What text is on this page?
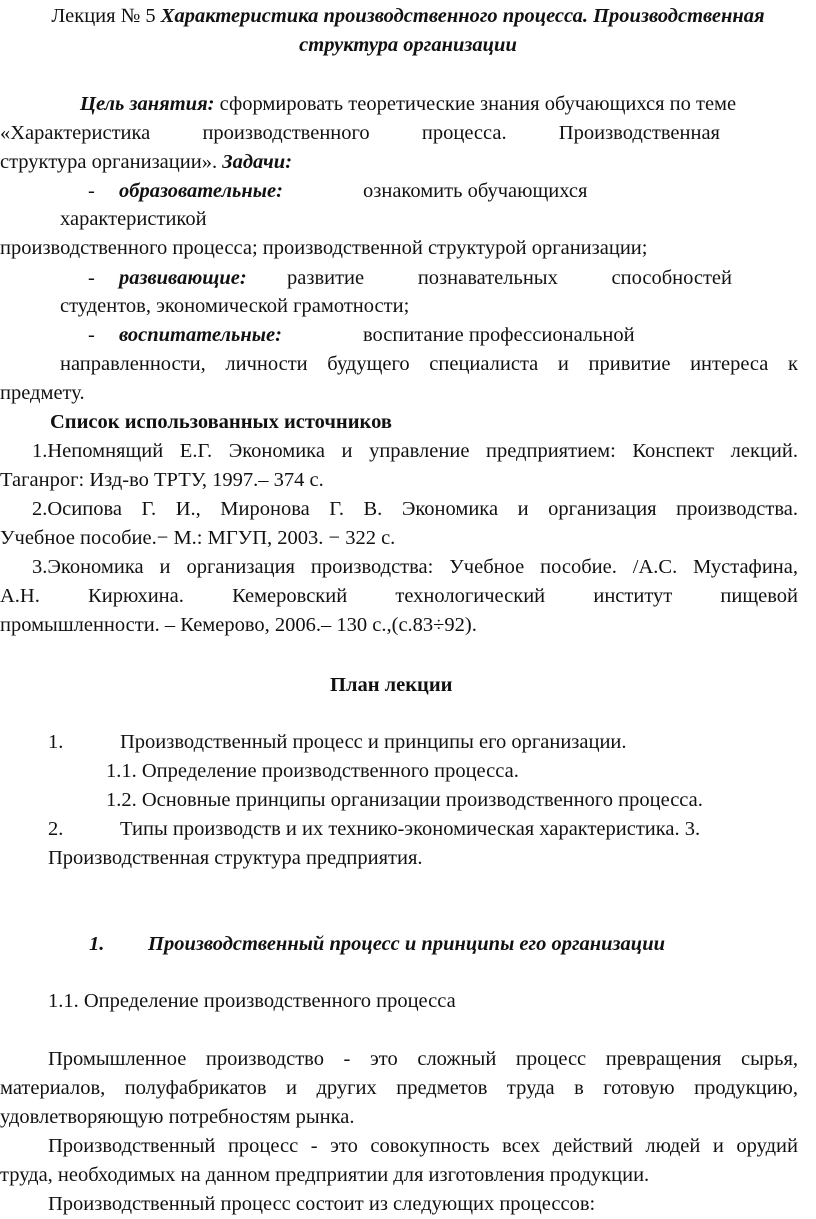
Лекция № 5 Характеристика производственного процесса. Производственная
структура организации
Цель занятия: сформировать теоретические знания обучающихся по теме
«Характеристика производственного процесса. Производственная
структура организации». Задачи:
- образовательные:	ознакомить обучающихся
характеристикой
производственного процесса; производственной структурой организации;
- развивающие: развитие познавательных способностей
студентов, экономической грамотности;
- воспитательные:	воспитание профессиональной
направленности, личности будущего специалиста и привитие интереса к
предмету.
Список использованных источников
1.Непомнящий Е.Г. Экономика и управление предприятием: Конспект лекций.
Таганрог: Изд-во ТРТУ, 1997.– 374 с.
2.Осипова Г. И., Миронова Г. В. Экономика и организация производства.
Учебное пособие.− М.: МГУП, 2003. − 322 с.
3.Экономика и организация производства: Учебное пособие. /А.С. Мустафина,
А.Н. Кирюхина. Кемеровский технологический институт пищевой
промышленности. – Кемерово, 2006.– 130 с.,(с.83÷92).
План лекции
1.	Производственный процесс и принципы его организации.
1.1. Определение производственного процесса.
1.2. Основные принципы организации производственного процесса.
2.	Типы производств и их технико-экономическая характеристика. 3.
Производственная структура предприятия.
1. Производственный процесс и принципы его организации
1.1. Определение производственного процесса
Промышленное производство - это сложный процесс превращения сырья,
материалов, полуфабрикатов и других предметов труда в готовую продукцию,
удовлетворяющую потребностям рынка.
Производственный процесс - это совокупность всех действий людей и орудий
труда, необходимых на данном предприятии для изготовления продукции.
Производственный процесс состоит из следующих процессов:
